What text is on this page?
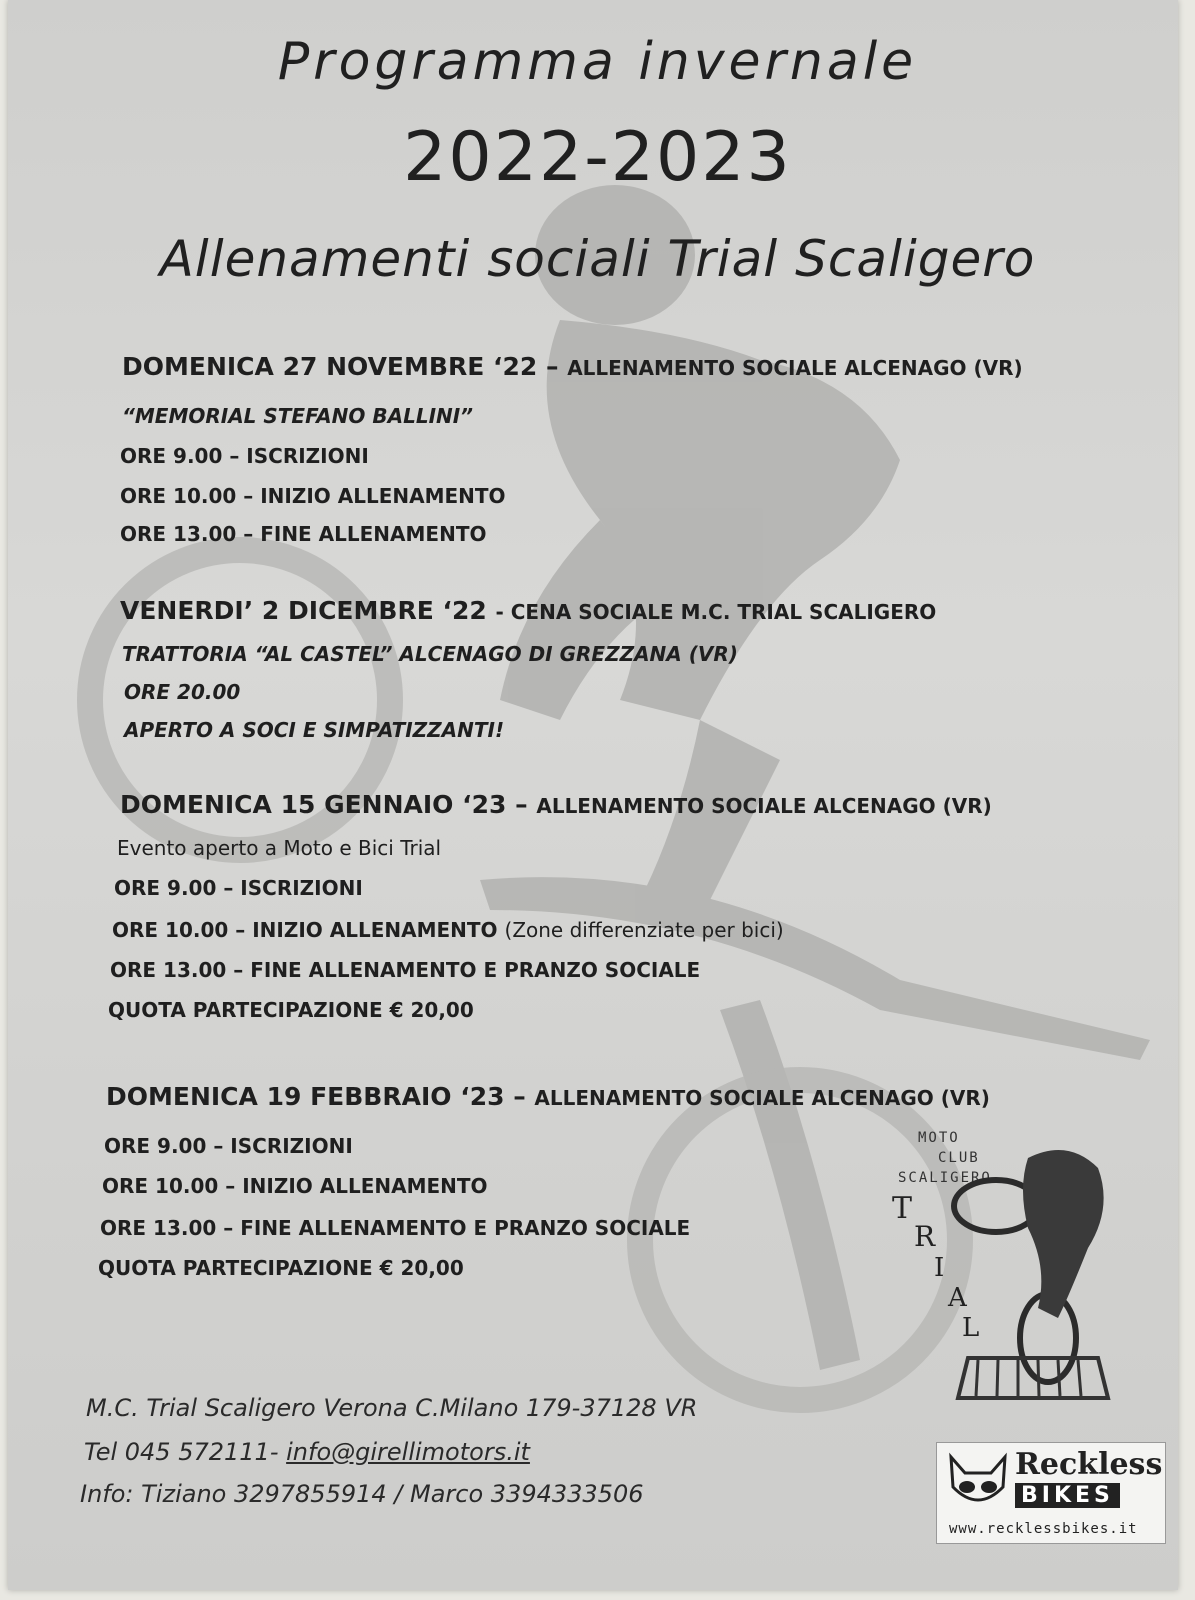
Programma invernale
2022-2023
Allenamenti sociali Trial Scaligero
DOMENICA 27 NOVEMBRE ‘22 – ALLENAMENTO SOCIALE ALCENAGO (VR)
“MEMORIAL STEFANO BALLINI”
ORE 9.00 – ISCRIZIONI
ORE 10.00 – INIZIO ALLENAMENTO
ORE 13.00 – FINE ALLENAMENTO
VENERDI’ 2 DICEMBRE ‘22 - CENA SOCIALE M.C. TRIAL SCALIGERO
TRATTORIA “AL CASTEL” ALCENAGO DI GREZZANA (VR)
ORE 20.00
APERTO A SOCI E SIMPATIZZANTI!
DOMENICA 15 GENNAIO ‘23 – ALLENAMENTO SOCIALE ALCENAGO (VR)
Evento aperto a Moto e Bici Trial
ORE 9.00 – ISCRIZIONI
ORE 10.00 – INIZIO ALLENAMENTO (Zone differenziate per bici)
ORE 13.00 – FINE ALLENAMENTO E PRANZO SOCIALE
QUOTA PARTECIPAZIONE € 20,00
DOMENICA 19 FEBBRAIO ‘23 – ALLENAMENTO SOCIALE ALCENAGO (VR)
ORE 9.00 – ISCRIZIONI
ORE 10.00 – INIZIO ALLENAMENTO
ORE 13.00 – FINE ALLENAMENTO E PRANZO SOCIALE
QUOTA PARTECIPAZIONE € 20,00
MOTO
CLUB
SCALIGERO
T
R
I
A
L
M.C. Trial Scaligero Verona C.Milano 179-37128 VR
Tel 045 572111- info@girellimotors.it
Info: Tiziano 3297855914 / Marco 3394333506
Reckless
BIKES
www.recklessbikes.it
